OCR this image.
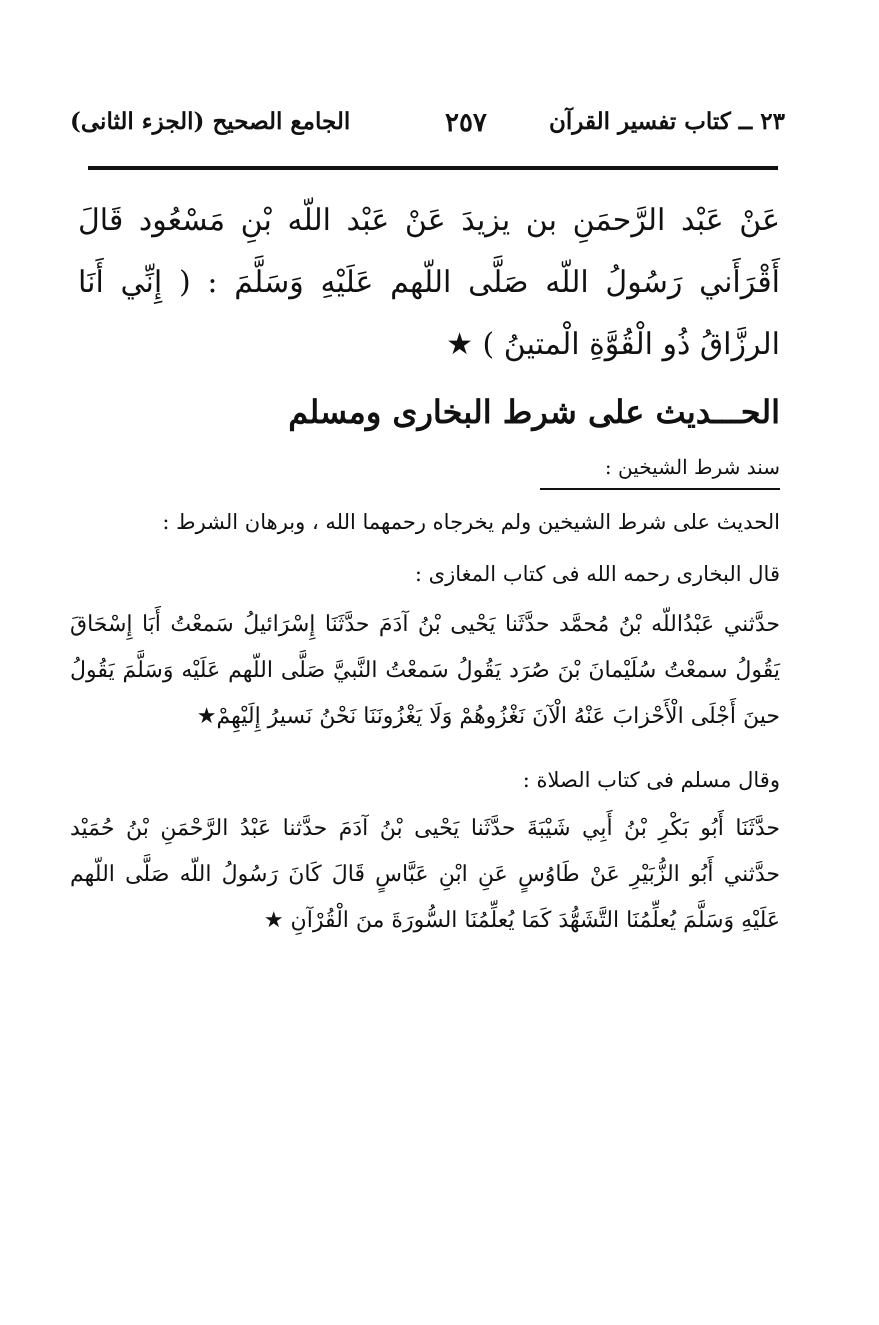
٢٣ ــ كتاب تفسير القرآن
٢٥٧
الجامع الصحيح (الجزء الثانى)
عَنْ عَبْد الرَّحمَنِ بن يزيدَ عَنْ عَبْد اللّه بْنِ مَسْعُود قَالَ أَقْرَأَني رَسُولُ اللّه صَلَّى اللّهم عَلَيْهِ وَسَلَّمَ : ( إِنِّي أَنَا الرزَّاقُ ذُو الْقُوَّةِ الْمتينُ ) ★
الحـــديث على شرط البخارى ومسلم
سند شرط الشيخين :
الحديث على شرط الشيخين ولم يخرجاه رحمهما الله ، وبرهان الشرط :
قال البخارى رحمه الله فى كتاب المغازى :
حدَّثني عَبْدُاللّه بْنُ مُحمَّد حدَّثَنا يَحْيى بْنُ آدَمَ حدَّثَنَا إِسْرَائيلُ سَمعْتُ أَبَا إِسْحَاقَ يَقُولُ سمعْتُ سُلَيْمانَ بْنَ صُرَد يَقُولُ سَمعْتُ النَّبيَّ صَلَّى اللّهم عَلَيْه وَسَلَّمَ يَقُولُ حينَ أَجْلَى الْأَحْزابَ عَنْهُ الْآنَ نَغْزُوهُمْ وَلَا يَغْزُونَنَا نَحْنُ نَسيرُ إِلَيْهِمْ★
وقال مسلم فى كتاب الصلاة :
حدَّثَنَا أَبُو بَكْرِ بْنُ أَبِي شَيْبَةَ حدَّثَنا يَحْيى بْنُ آدَمَ حدَّثنا عَبْدُ الرَّحْمَنِ بْنُ حُمَيْد حدَّثني أَبُو الزُّبَيْرِ عَنْ طَاوُسٍ عَنِ ابْنِ عَبَّاسٍ قَالَ كَانَ رَسُولُ اللّه صَلَّى اللّهم عَلَيْهِ وَسَلَّمَ يُعلِّمُنَا التَّشَهُّدَ كَمَا يُعلِّمُنَا السُّورَةَ منَ الْقُرْآنِ ★
